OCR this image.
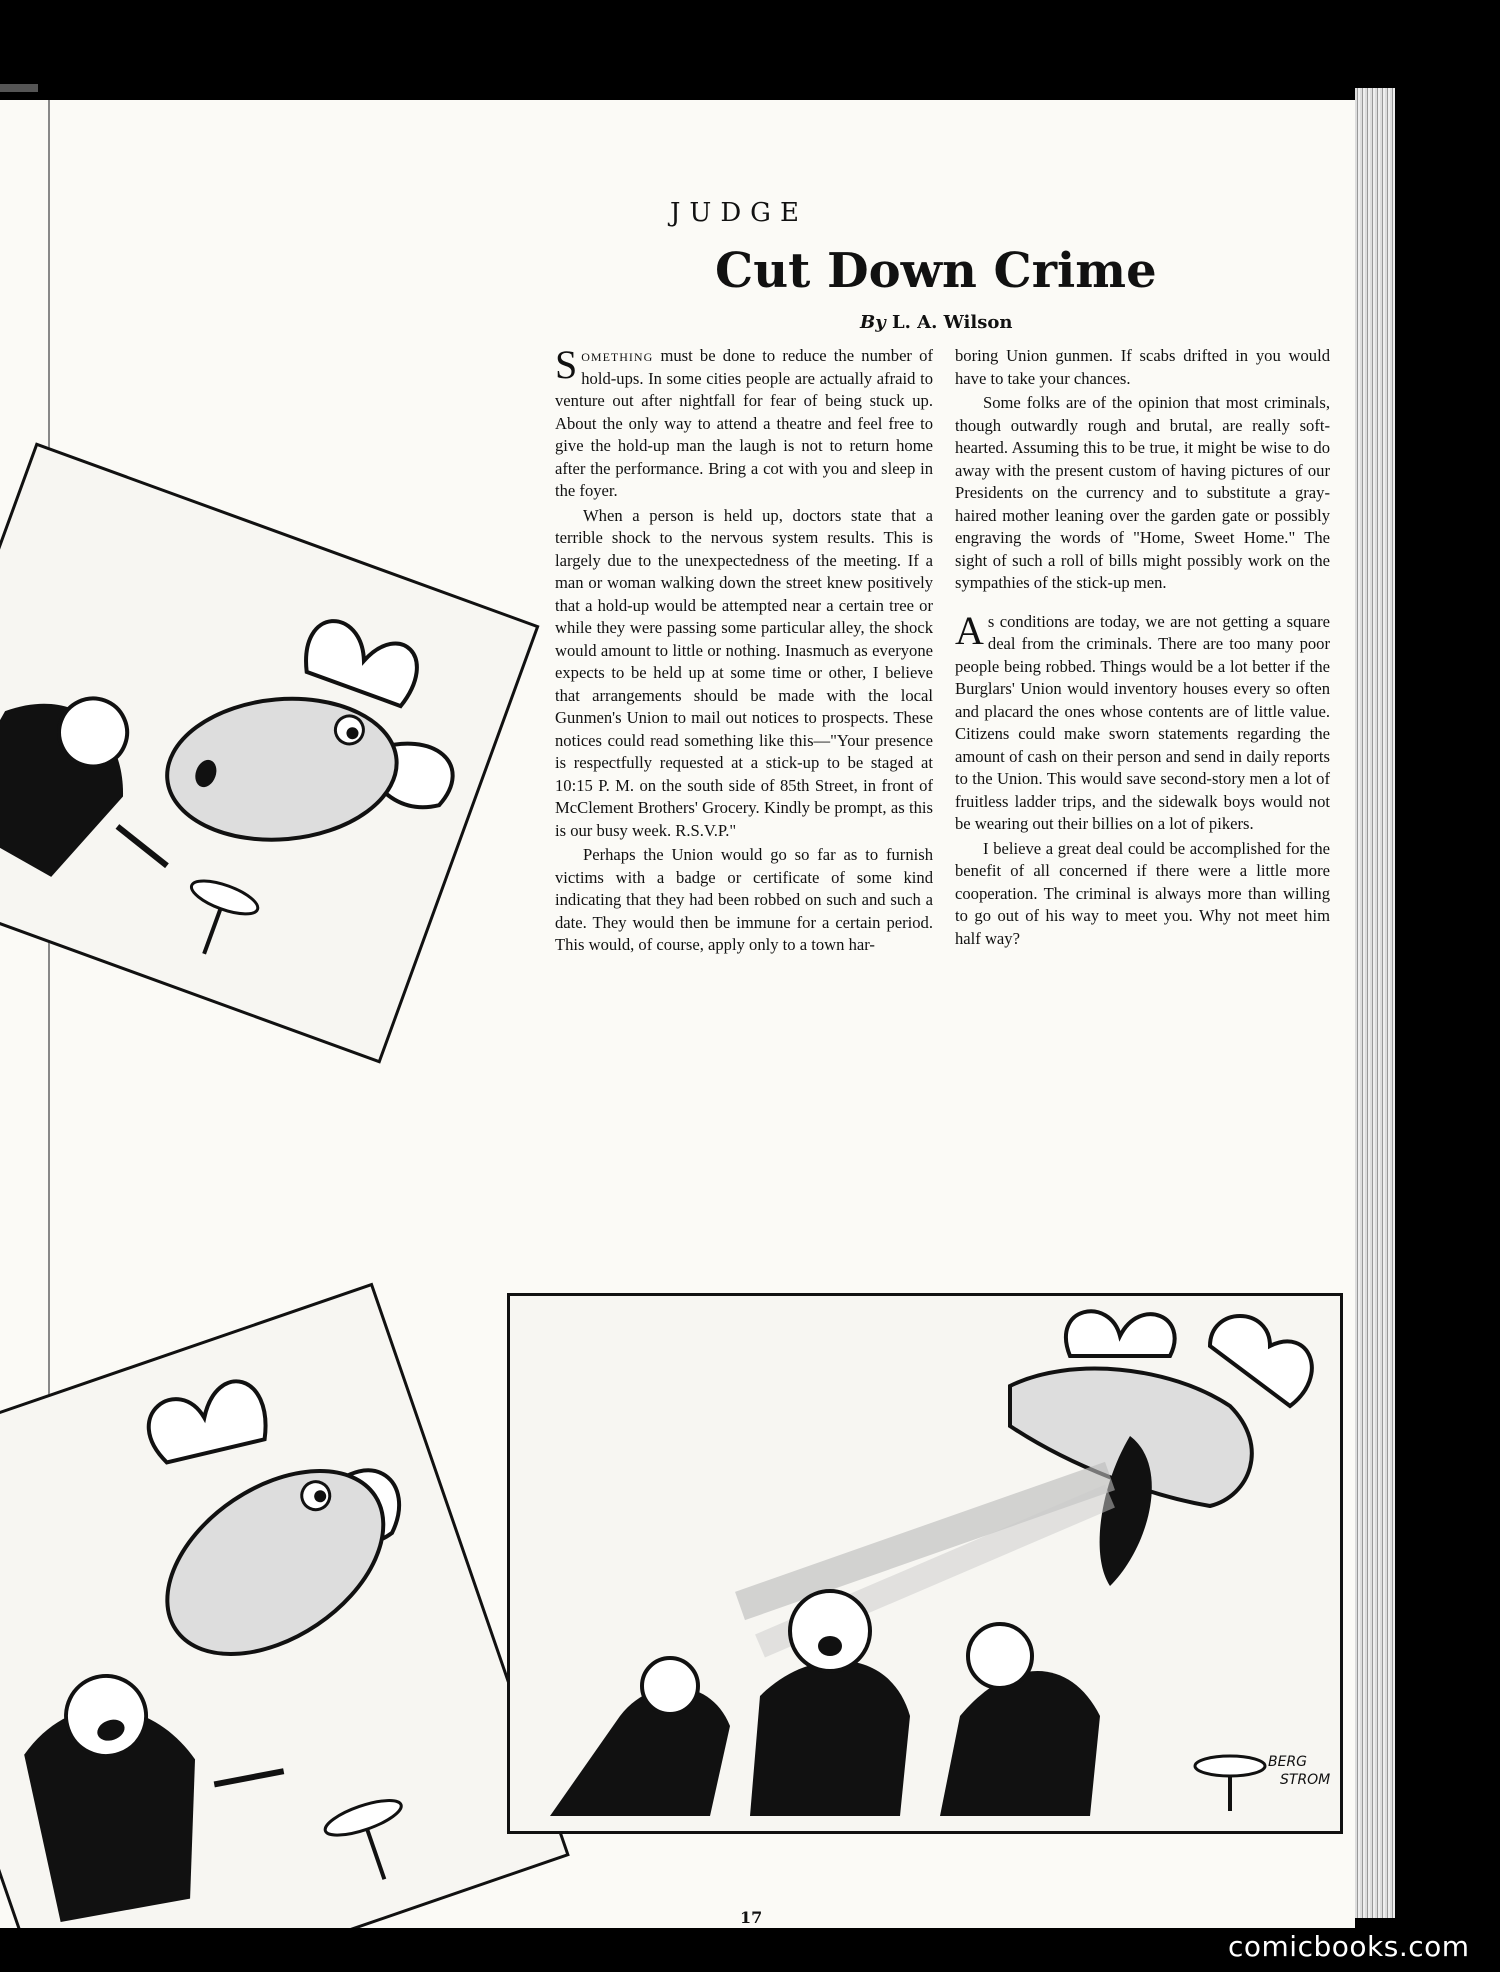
JUDGE
Cut Down Crime
By L. A. Wilson

Something must be done to reduce the number of hold-ups. In some cities people are actually afraid to venture out after nightfall for fear of being stuck up. About the only way to attend a theatre and feel free to give the hold-up man the laugh is not to return home after the performance. Bring a cot with you and sleep in the foyer.

When a person is held up, doctors state that a terrible shock to the nervous system results. This is largely due to the unexpectedness of the meeting. If a man or woman walking down the street knew positively that a hold-up would be attempted near a certain tree or while they were passing some particular alley, the shock would amount to little or nothing. Inasmuch as everyone expects to be held up at some time or other, I believe that arrangements should be made with the local Gunmen's Union to mail out notices to prospects. These notices could read something like this—"Your presence is respectfully requested at a stick-up to be staged at 10:15 P. M. on the south side of 85th Street, in front of McClement Brothers' Grocery. Kindly be prompt, as this is our busy week. R.S.V.P."

Perhaps the Union would go so far as to furnish victims with a badge or certificate of some kind indicating that they had been robbed on such and such a date. They would then be immune for a certain period. This would, of course, apply only to a town har-

boring Union gunmen. If scabs drifted in you would have to take your chances.

Some folks are of the opinion that most criminals, though outwardly rough and brutal, are really soft-hearted. Assuming this to be true, it might be wise to do away with the present custom of having pictures of our Presidents on the currency and to substitute a gray-haired mother leaning over the garden gate or possibly engraving the words of "Home, Sweet Home." The sight of such a roll of bills might possibly work on the sympathies of the stick-up men.

As conditions are today, we are not getting a square deal from the criminals. There are too many poor people being robbed. Things would be a lot better if the Burglars' Union would inventory houses every so often and placard the ones whose contents are of little value. Citizens could make sworn statements regarding the amount of cash on their person and send in daily reports to the Union. This would save second-story men a lot of fruitless ladder trips, and the sidewalk boys would not be wearing out their billies on a lot of pikers.

I believe a great deal could be accomplished for the benefit of all concerned if there were a little more cooperation. The criminal is always more than willing to go out of his way to meet you. Why not meet him half way?

BERG
STROM
17
comicbooks.com
